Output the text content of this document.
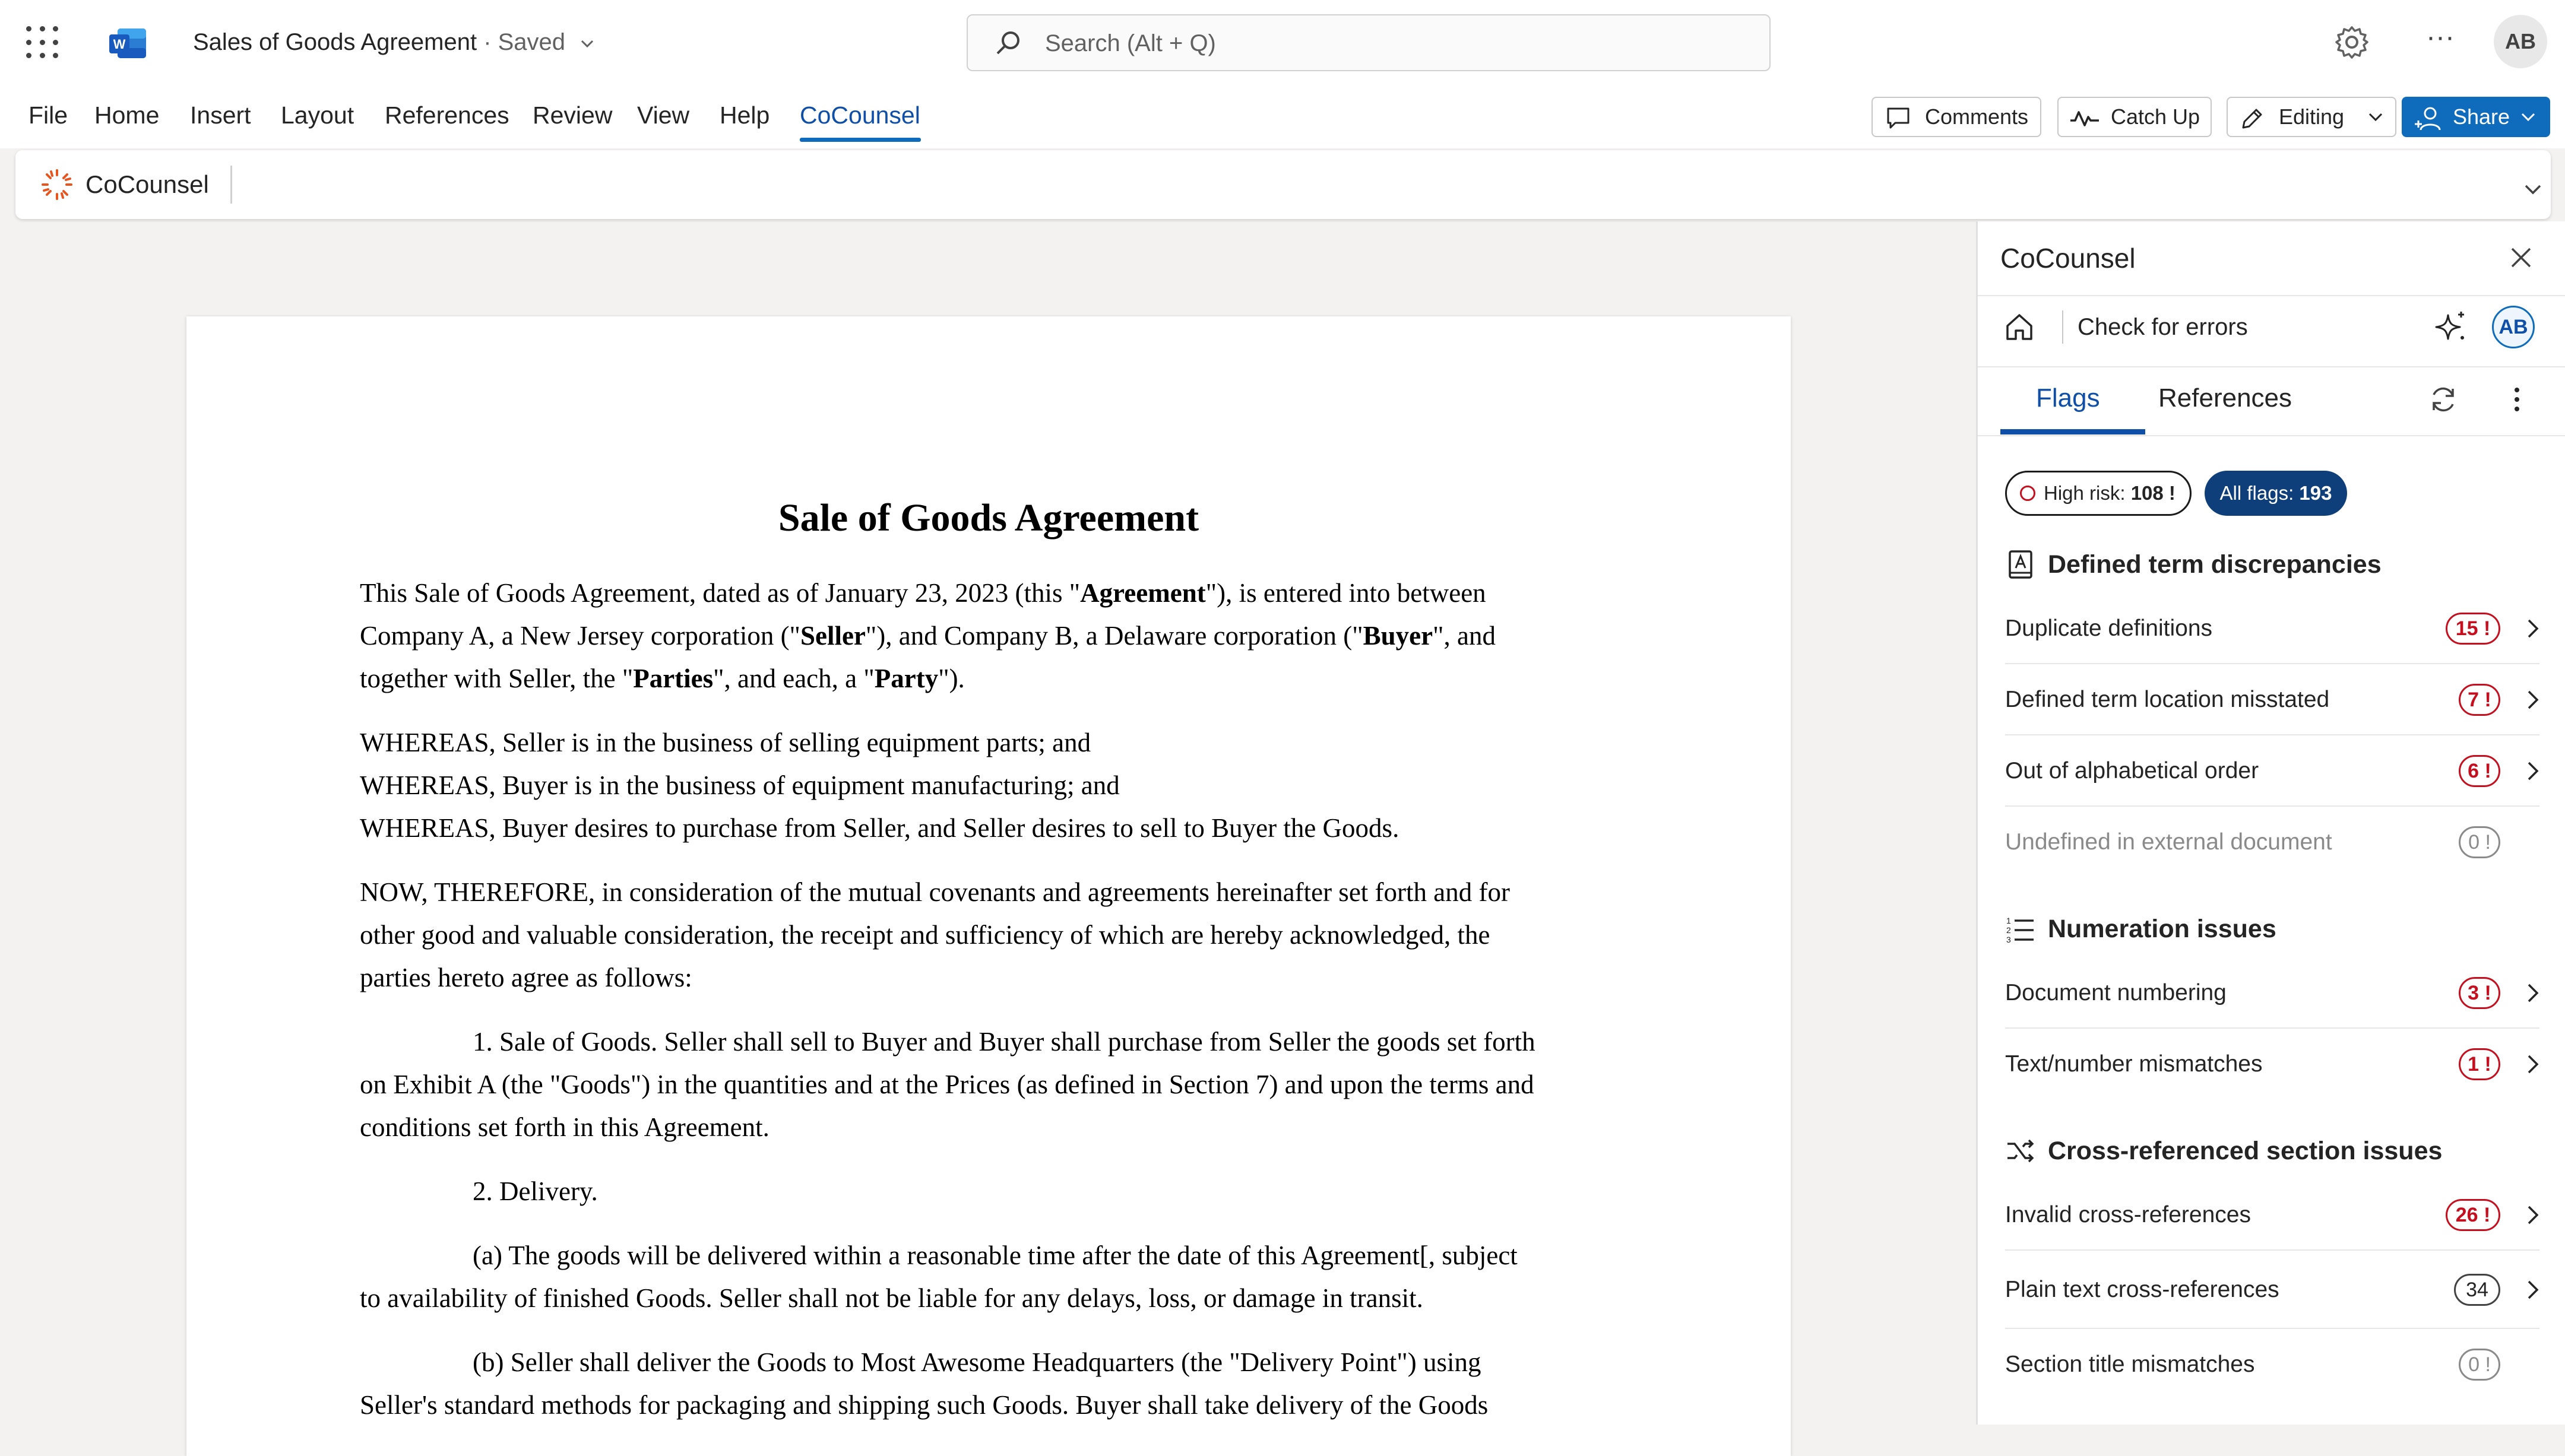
W	Sales of Goods Agreement · Saved	Search (Alt + Q)	···	AB
File Home Insert Layout References Review View Help CoCounsel	Comments	Catch Up	Editing	Share
CoCounsel
Sale of Goods Agreement
This Sale of Goods Agreement, dated as of January 23, 2023 (this "Agreement"), is entered into between
Company A, a New Jersey corporation ("Seller"), and Company B, a Delaware corporation ("Buyer", and
together with Seller, the "Parties", and each, a "Party").
WHEREAS, Seller is in the business of selling equipment parts; and
WHEREAS, Buyer is in the business of equipment manufacturing; and
WHEREAS, Buyer desires to purchase from Seller, and Seller desires to sell to Buyer the Goods.
NOW, THEREFORE, in consideration of the mutual covenants and agreements hereinafter set forth and for
other good and valuable consideration, the receipt and sufficiency of which are hereby acknowledged, the
parties hereto agree as follows:
1. Sale of Goods. Seller shall sell to Buyer and Buyer shall purchase from Seller the goods set forth
on Exhibit A (the "Goods") in the quantities and at the Prices (as defined in Section 7) and upon the terms and
conditions set forth in this Agreement.
2. Delivery.
(a) The goods will be delivered within a reasonable time after the date of this Agreement[, subject
to availability of finished Goods. Seller shall not be liable for any delays, loss, or damage in transit.
(b) Seller shall deliver the Goods to Most Awesome Headquarters (the "Delivery Point") using
Seller's standard methods for packaging and shipping such Goods. Buyer shall take delivery of the Goods
CoCounsel
Check for errors	AB
Flags References
High risk: 108 !	All flags: 193
Defined term discrepancies
Duplicate definitions	15 !
Defined term location misstated	7 !
Out of alphabetical order	6 !
Undefined in external document	0 !
1
2
3 Numeration issues
Document numbering	3 !
Text/number mismatches	1 !
Cross-referenced section issues
Invalid cross-references	26 !
Plain text cross-references	34
Section title mismatches	0 !
